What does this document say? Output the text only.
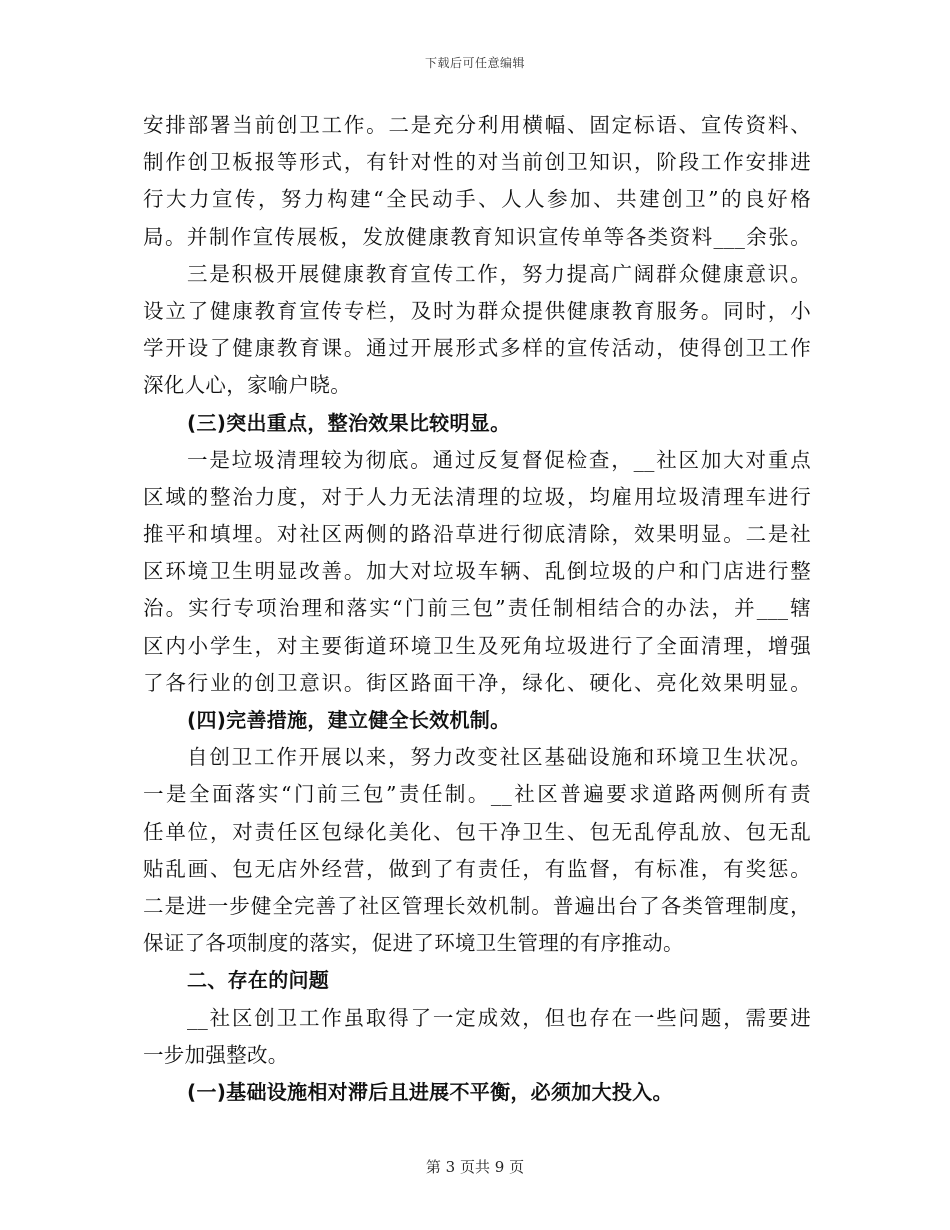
下载后可任意编辑
安排部署当前创卫工作。二是充分利用横幅、固定标语、宣传资料、
制作创卫板报等形式，有针对性的对当前创卫知识，阶段工作安排进
行大力宣传，努力构建“全民动手、人人参加、共建创卫”的良好格
局。并制作宣传展板，发放健康教育知识宣传单等各类资料___余张。
三是积极开展健康教育宣传工作，努力提高广阔群众健康意识。
设立了健康教育宣传专栏，及时为群众提供健康教育服务。同时，小
学开设了健康教育课。通过开展形式多样的宣传活动，使得创卫工作
深化人心，家喻户晓。
(三)突出重点，整治效果比较明显。
一是垃圾清理较为彻底。通过反复督促检查，__社区加大对重点
区域的整治力度，对于人力无法清理的垃圾，均雇用垃圾清理车进行
推平和填埋。对社区两侧的路沿草进行彻底清除，效果明显。二是社
区环境卫生明显改善。加大对垃圾车辆、乱倒垃圾的户和门店进行整
治。实行专项治理和落实“门前三包”责任制相结合的办法，并___辖
区内小学生，对主要街道环境卫生及死角垃圾进行了全面清理，增强
了各行业的创卫意识。街区路面干净，绿化、硬化、亮化效果明显。
(四)完善措施，建立健全长效机制。
自创卫工作开展以来，努力改变社区基础设施和环境卫生状况。
一是全面落实“门前三包”责任制。__社区普遍要求道路两侧所有责
任单位，对责任区包绿化美化、包干净卫生、包无乱停乱放、包无乱
贴乱画、包无店外经营，做到了有责任，有监督，有标准，有奖惩。
二是进一步健全完善了社区管理长效机制。普遍出台了各类管理制度，
保证了各项制度的落实，促进了环境卫生管理的有序推动。
二、存在的问题
__社区创卫工作虽取得了一定成效，但也存在一些问题，需要进
一步加强整改。
(一)基础设施相对滞后且进展不平衡，必须加大投入。
第 3 页共 9 页
